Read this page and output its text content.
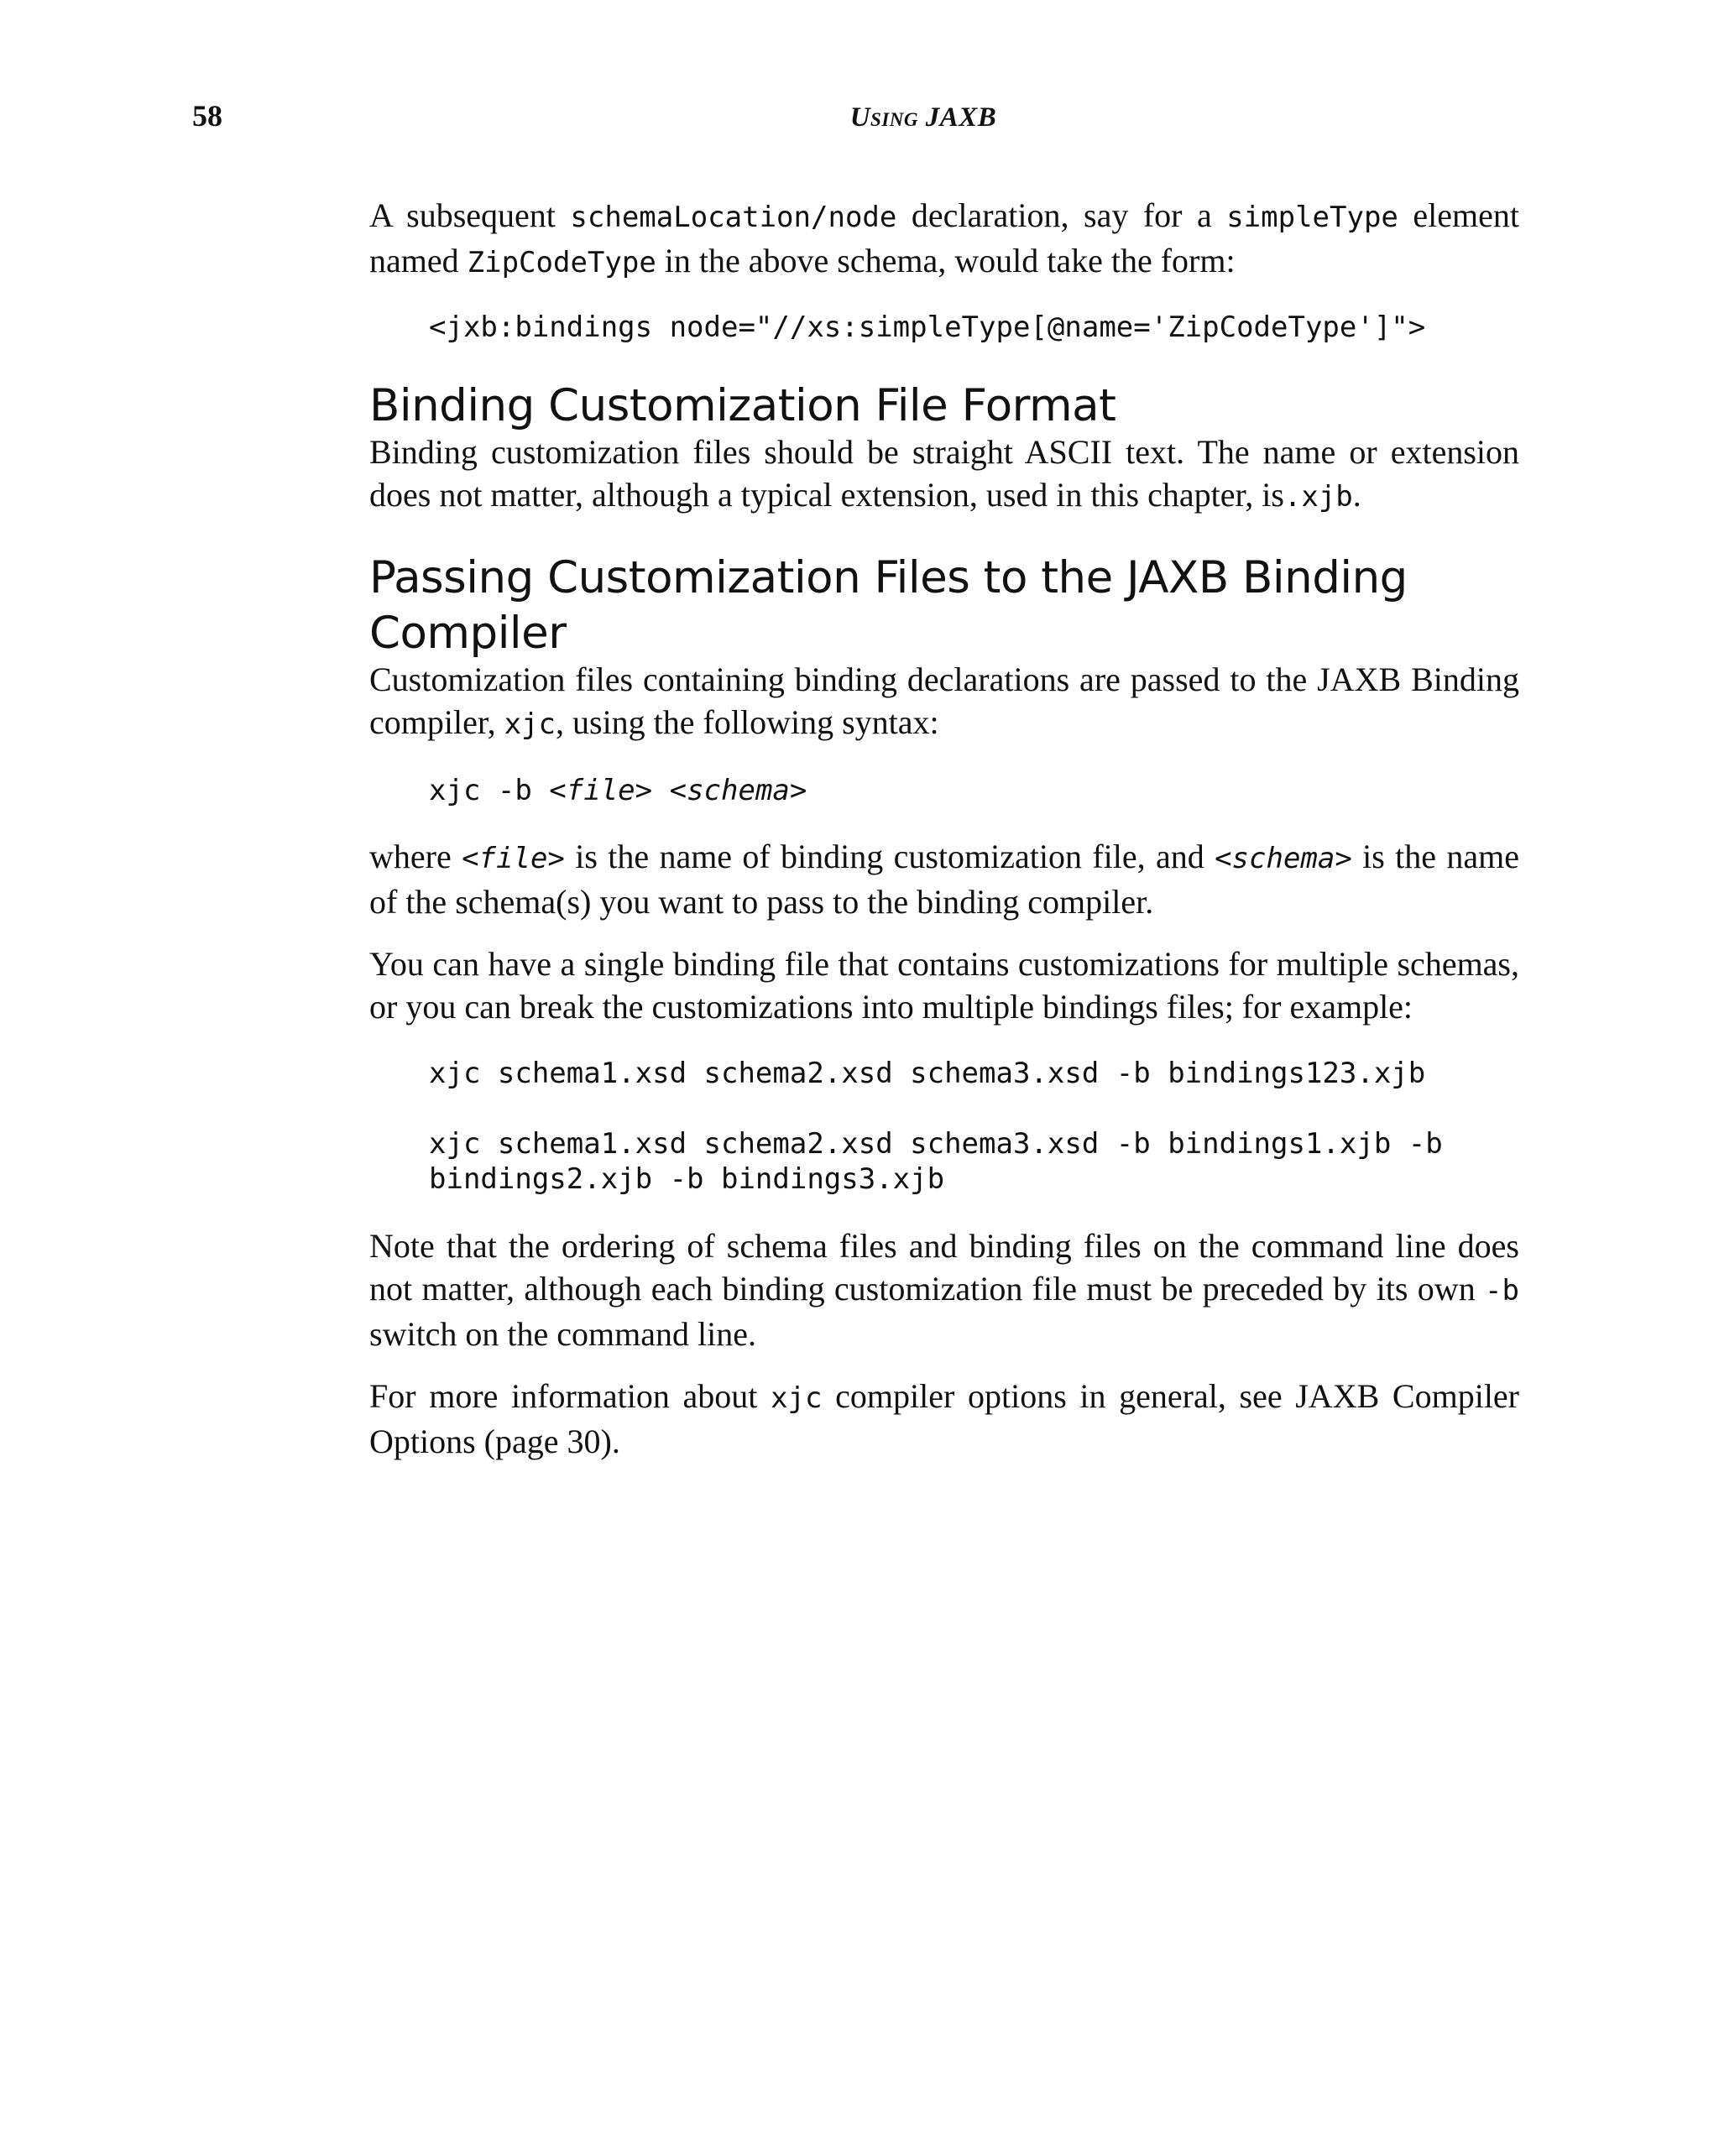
58	Using JAXB

A subsequent schemaLocation/node declaration, say for a simpleType element named ZipCodeType in the above schema, would take the form:

<jxb:bindings node="//xs:simpleType[@name='ZipCodeType']">
Binding Customization File Format

Binding customization files should be straight ASCII text. The name or extension does not matter, although a typical extension, used in this chapter, is.xjb.

Passing Customization Files to the JAXB Binding Compiler

Customization files containing binding declarations are passed to the JAXB Binding compiler, xjc, using the following syntax:

xjc -b <file> <schema>

where <file> is the name of binding customization file, and <schema> is the name of the schema(s) you want to pass to the binding compiler.

You can have a single binding file that contains customizations for multiple schemas, or you can break the customizations into multiple bindings files; for example:

xjc schema1.xsd schema2.xsd schema3.xsd -b bindings123.xjb
xjc schema1.xsd schema2.xsd schema3.xsd -b bindings1.xjb -b
bindings2.xjb -b bindings3.xjb

Note that the ordering of schema files and binding files on the command line does not matter, although each binding customization file must be preceded by its own -b switch on the command line.

For more information about xjc compiler options in general, see JAXB Compiler Options (page 30).
